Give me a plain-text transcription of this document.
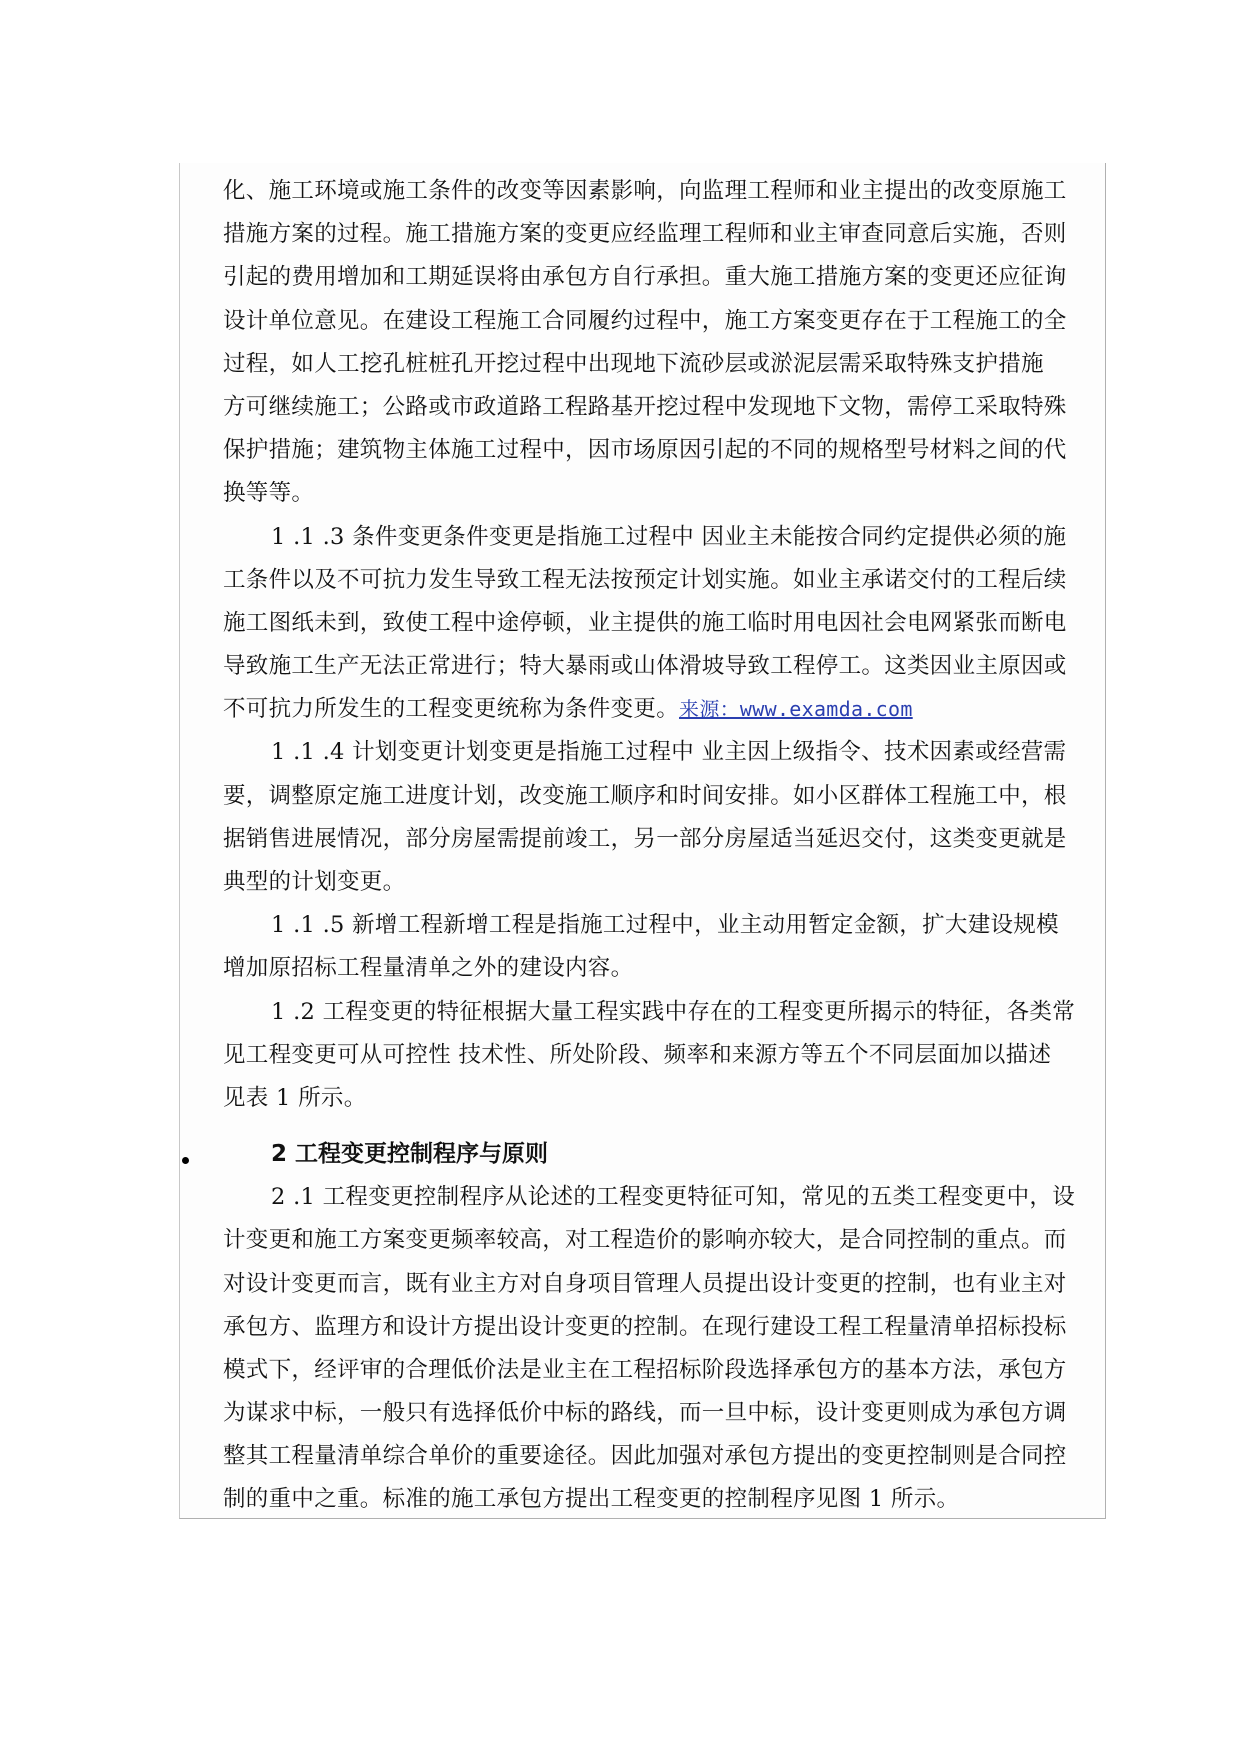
化、施工环境或施工条件的改变等因素影响，向监理工程师和业主提出的改变原施工
措施方案的过程。施工措施方案的变更应经监理工程师和业主审查同意后实施，否则
引起的费用增加和工期延误将由承包方自行承担。重大施工措施方案的变更还应征询
设计单位意见。在建设工程施工合同履约过程中，施工方案变更存在于工程施工的全
过程，如人工挖孔桩桩孔开挖过程中出现地下流砂层或淤泥层需采取特殊支护措施
方可继续施工；公路或市政道路工程路基开挖过程中发现地下文物，需停工采取特殊
保护措施；建筑物主体施工过程中，因市场原因引起的不同的规格型号材料之间的代
换等等。
1 .1 .3 条件变更条件变更是指施工过程中 因业主未能按合同约定提供必须的施
工条件以及不可抗力发生导致工程无法按预定计划实施。如业主承诺交付的工程后续
施工图纸未到，致使工程中途停顿，业主提供的施工临时用电因社会电网紧张而断电
导致施工生产无法正常进行；特大暴雨或山体滑坡导致工程停工。这类因业主原因或
不可抗力所发生的工程变更统称为条件变更。来源：www.examda.com
1 .1 .4 计划变更计划变更是指施工过程中 业主因上级指令、技术因素或经营需
要，调整原定施工进度计划，改变施工顺序和时间安排。如小区群体工程施工中，根
据销售进展情况，部分房屋需提前竣工，另一部分房屋适当延迟交付，这类变更就是
典型的计划变更。
1 .1 .5 新增工程新增工程是指施工过程中，业主动用暂定金额，扩大建设规模
增加原招标工程量清单之外的建设内容。
1 .2 工程变更的特征根据大量工程实践中存在的工程变更所揭示的特征，各类常
见工程变更可从可控性 技术性、所处阶段、频率和来源方等五个不同层面加以描述
见表 1 所示。
2 工程变更控制程序与原则
2 .1 工程变更控制程序从论述的工程变更特征可知，常见的五类工程变更中，设
计变更和施工方案变更频率较高，对工程造价的影响亦较大，是合同控制的重点。而
对设计变更而言，既有业主方对自身项目管理人员提出设计变更的控制，也有业主对
承包方、监理方和设计方提出设计变更的控制。在现行建设工程工程量清单招标投标
模式下，经评审的合理低价法是业主在工程招标阶段选择承包方的基本方法，承包方
为谋求中标，一般只有选择低价中标的路线，而一旦中标，设计变更则成为承包方调
整其工程量清单综合单价的重要途径。因此加强对承包方提出的变更控制则是合同控
制的重中之重。标准的施工承包方提出工程变更的控制程序见图 1 所示。
